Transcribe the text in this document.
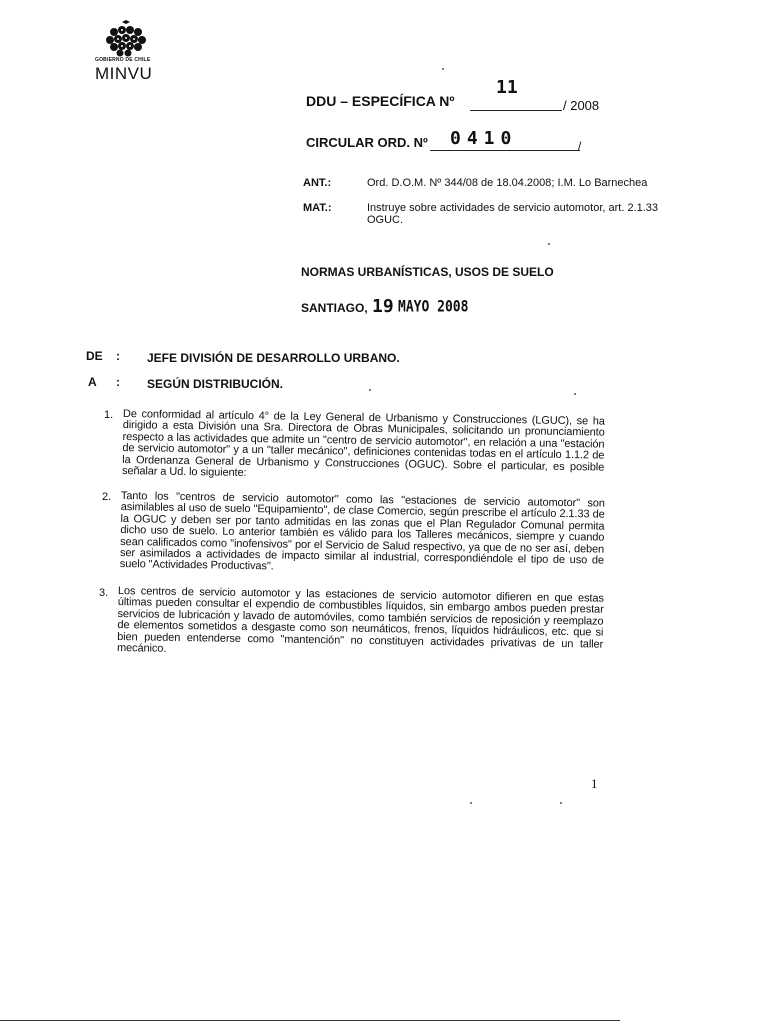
GOBIERNO DE CHILE
MINVU
DDU – ESPECÍFICA Nº
11
/ 2008
CIRCULAR ORD. Nº 0410	/
ANT.:	Ord. D.O.M. Nº 344/08 de 18.04.2008; I.M. Lo Barnechea
MAT.:	Instruye sobre actividades de servicio automotor, art. 2.1.33 OGUC.
NORMAS URBANÍSTICAS, USOS DE SUELO
SANTIAGO, 19 MAYO 2008
DE : JEFE DIVISIÓN DE DESARROLLO URBANO.
A : SEGÚN DISTRIBUCIÓN.
1. De conformidad al artículo 4° de la Ley General de Urbanismo y Construcciones (LGUC), se ha dirigido a esta División una Sra. Directora de Obras Municipales, solicitando un pronunciamiento respecto a las actividades que admite un "centro de servicio automotor", en relación a una "estación de servicio automotor" y a un "taller mecánico", definiciones contenidas todas en el artículo 1.1.2 de la Ordenanza General de Urbanismo y Construcciones (OGUC). Sobre el particular, es posible señalar a Ud. lo siguiente:
2. Tanto los "centros de servicio automotor" como las "estaciones de servicio automotor" son asimilables al uso de suelo "Equipamiento", de clase Comercio, según prescribe el artículo 2.1.33 de la OGUC y deben ser por tanto admitidas en las zonas que el Plan Regulador Comunal permita dicho uso de suelo. Lo anterior también es válido para los Talleres mecánicos, siempre y cuando sean calificados como "inofensivos" por el Servicio de Salud respectivo, ya que de no ser así, deben ser asimilados a actividades de impacto similar al industrial, correspondiéndole el tipo de uso de suelo "Actividades Productivas".
3. Los centros de servicio automotor y las estaciones de servicio automotor difieren en que estas últimas pueden consultar el expendio de combustibles líquidos, sin embargo ambos pueden prestar servicios de lubricación y lavado de automóviles, como también servicios de reposición y reemplazo de elementos sometidos a desgaste como son neumáticos, frenos, líquidos hidráulicos, etc. que si bien pueden entenderse como "mantención" no constituyen actividades privativas de un taller mecánico.
1
